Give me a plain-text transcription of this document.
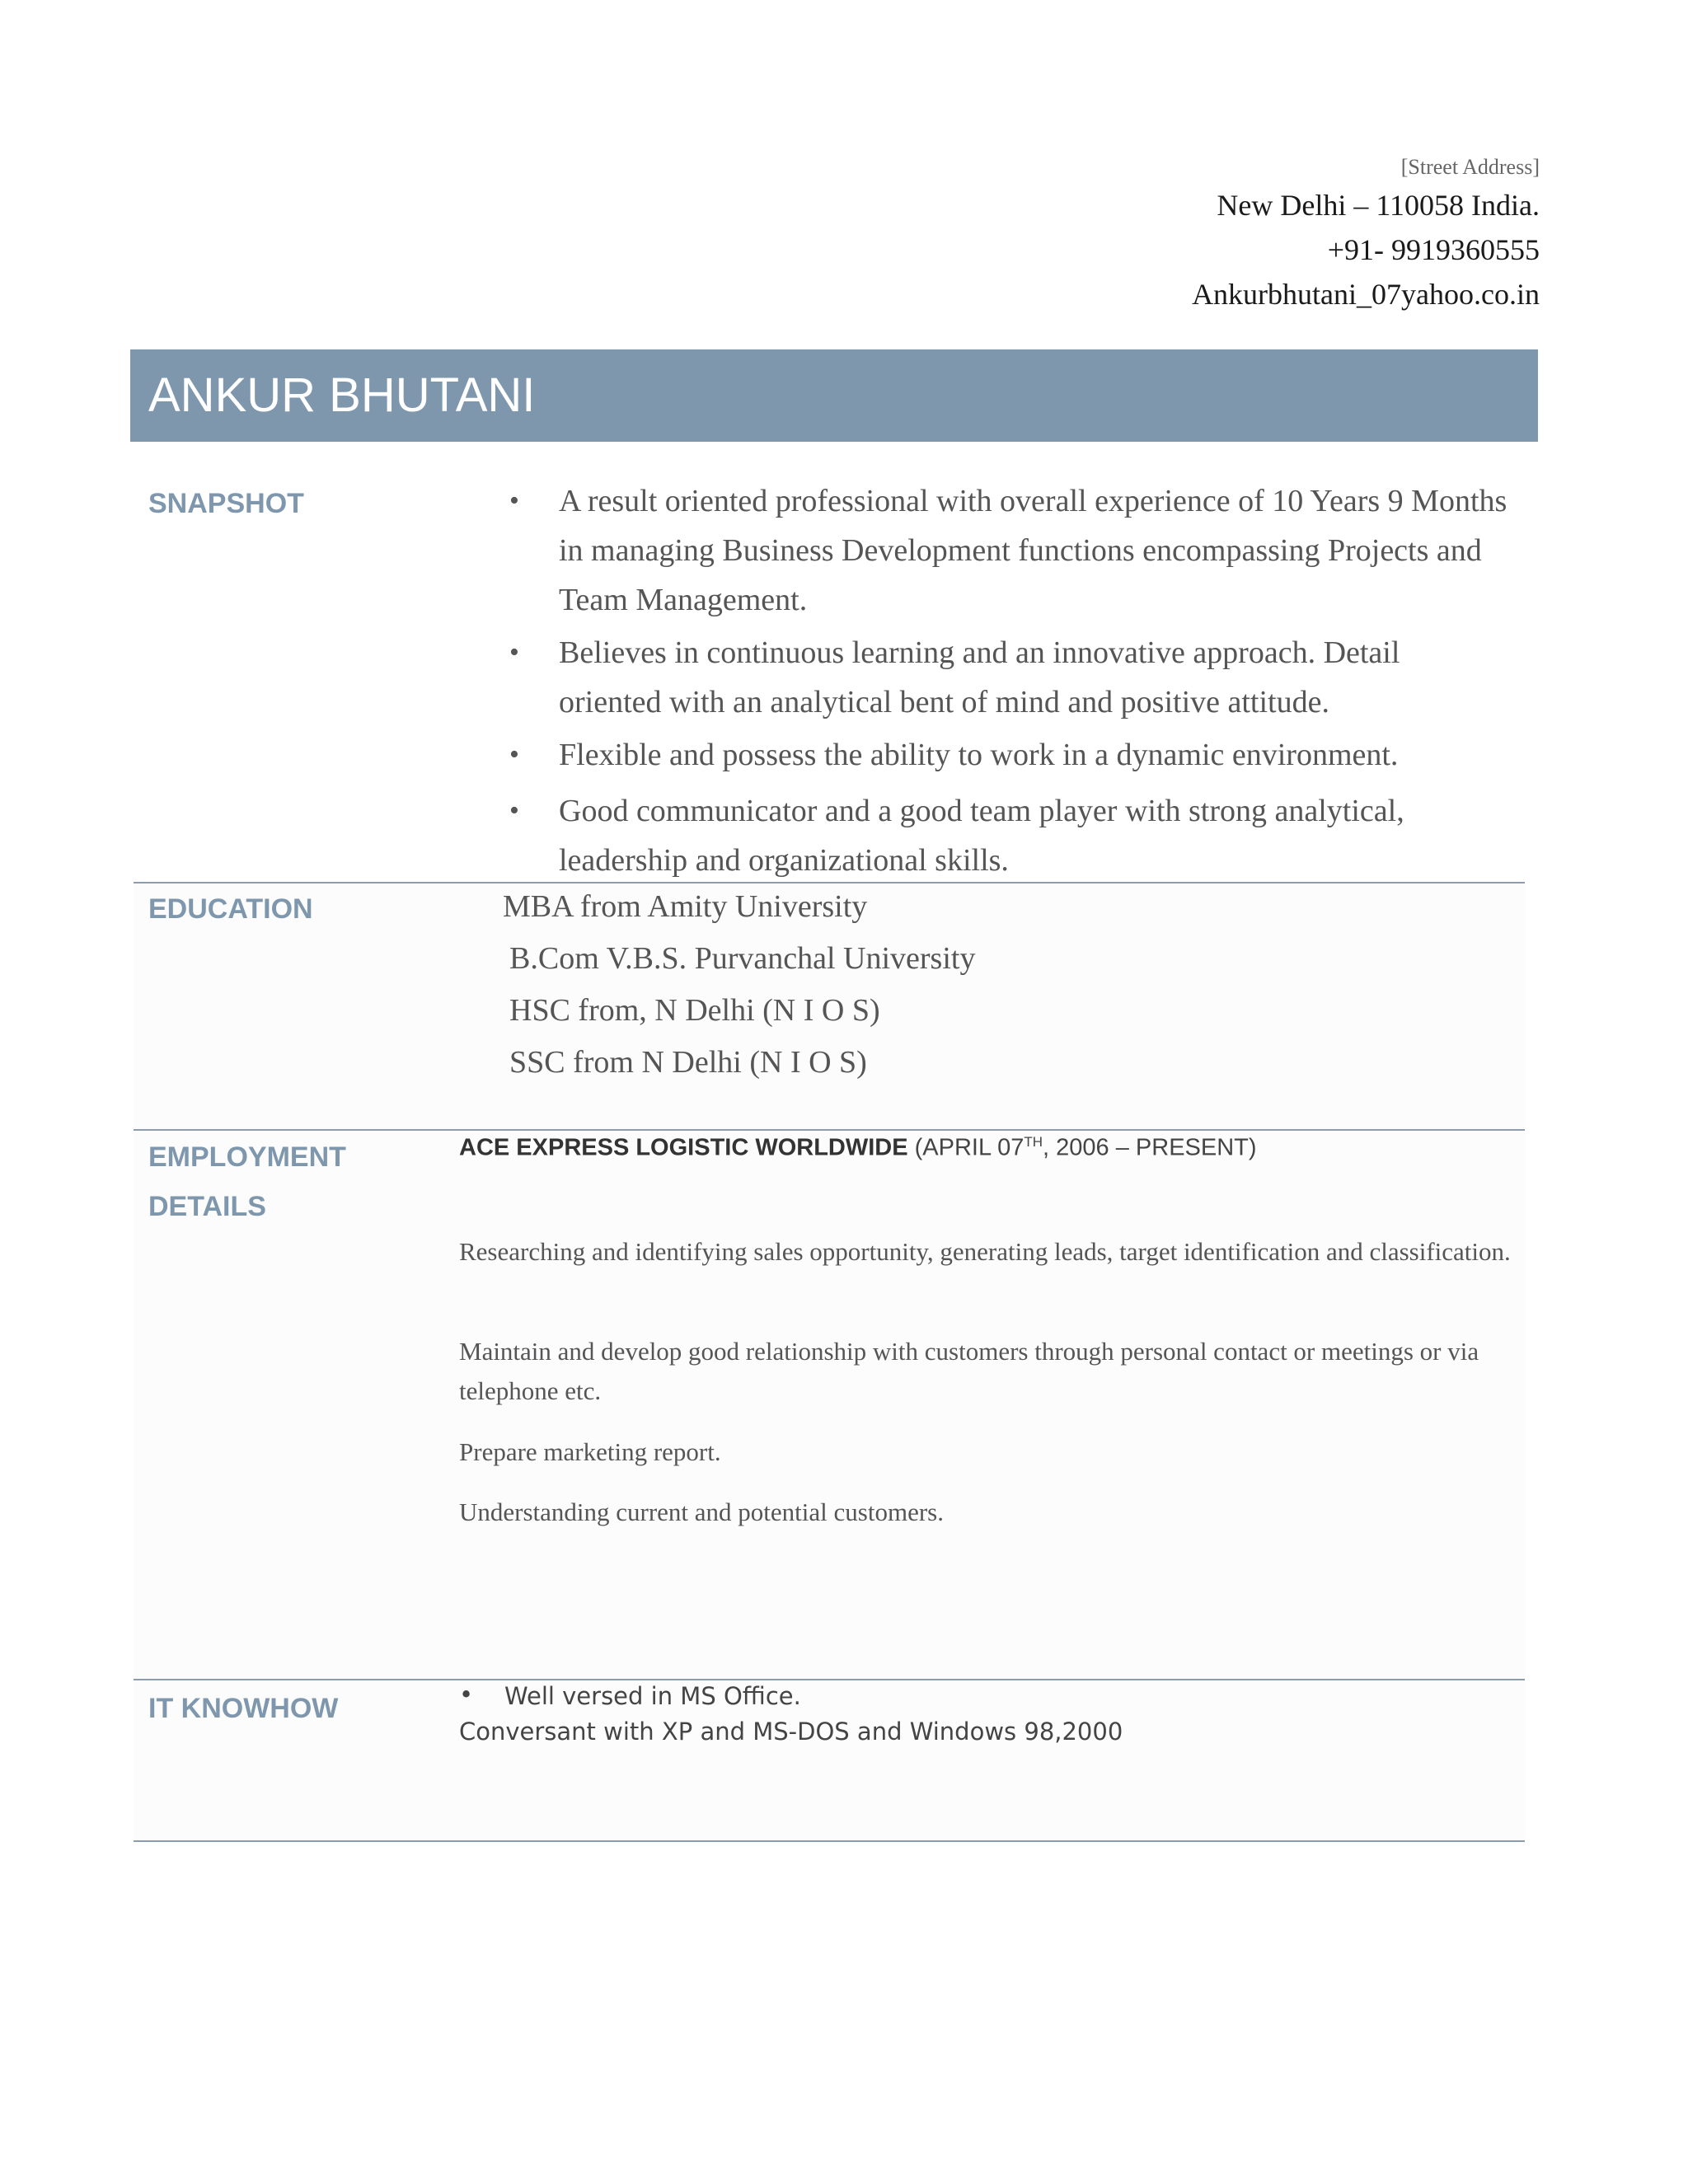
[Street Address]
New Delhi – 110058 India.
+91- 9919360555
Ankurbhutani_07yahoo.co.in
ANKUR BHUTANI
SNAPSHOT	• A result oriented professional with overall experience of 10 Years 9 Months in managing Business Development functions encompassing Projects and Team Management.
• Believes in continuous learning and an innovative approach. Detail oriented with an analytical bent of mind and positive attitude.
• Flexible and possess the ability to work in a dynamic environment.
• Good communicator and a good team player with strong analytical, leadership and organizational skills.
EDUCATION	MBA from Amity University
B.Com V.B.S. Purvanchal University
HSC from, N Delhi (N I O S)
SSC from N Delhi (N I O S)
EMPLOYMENT
DETAILS
ACE EXPRESS LOGISTIC WORLDWIDE (APRIL 07TH, 2006 – PRESENT)
Researching and identifying sales opportunity, generating leads, target identification and classification.
Maintain and develop good relationship with customers through personal contact or meetings or via telephone etc.
Prepare marketing report.
Understanding current and potential customers.
IT KNOWHOW	• Well versed in MS Office.
Conversant with XP and MS-DOS and Windows 98,2000
